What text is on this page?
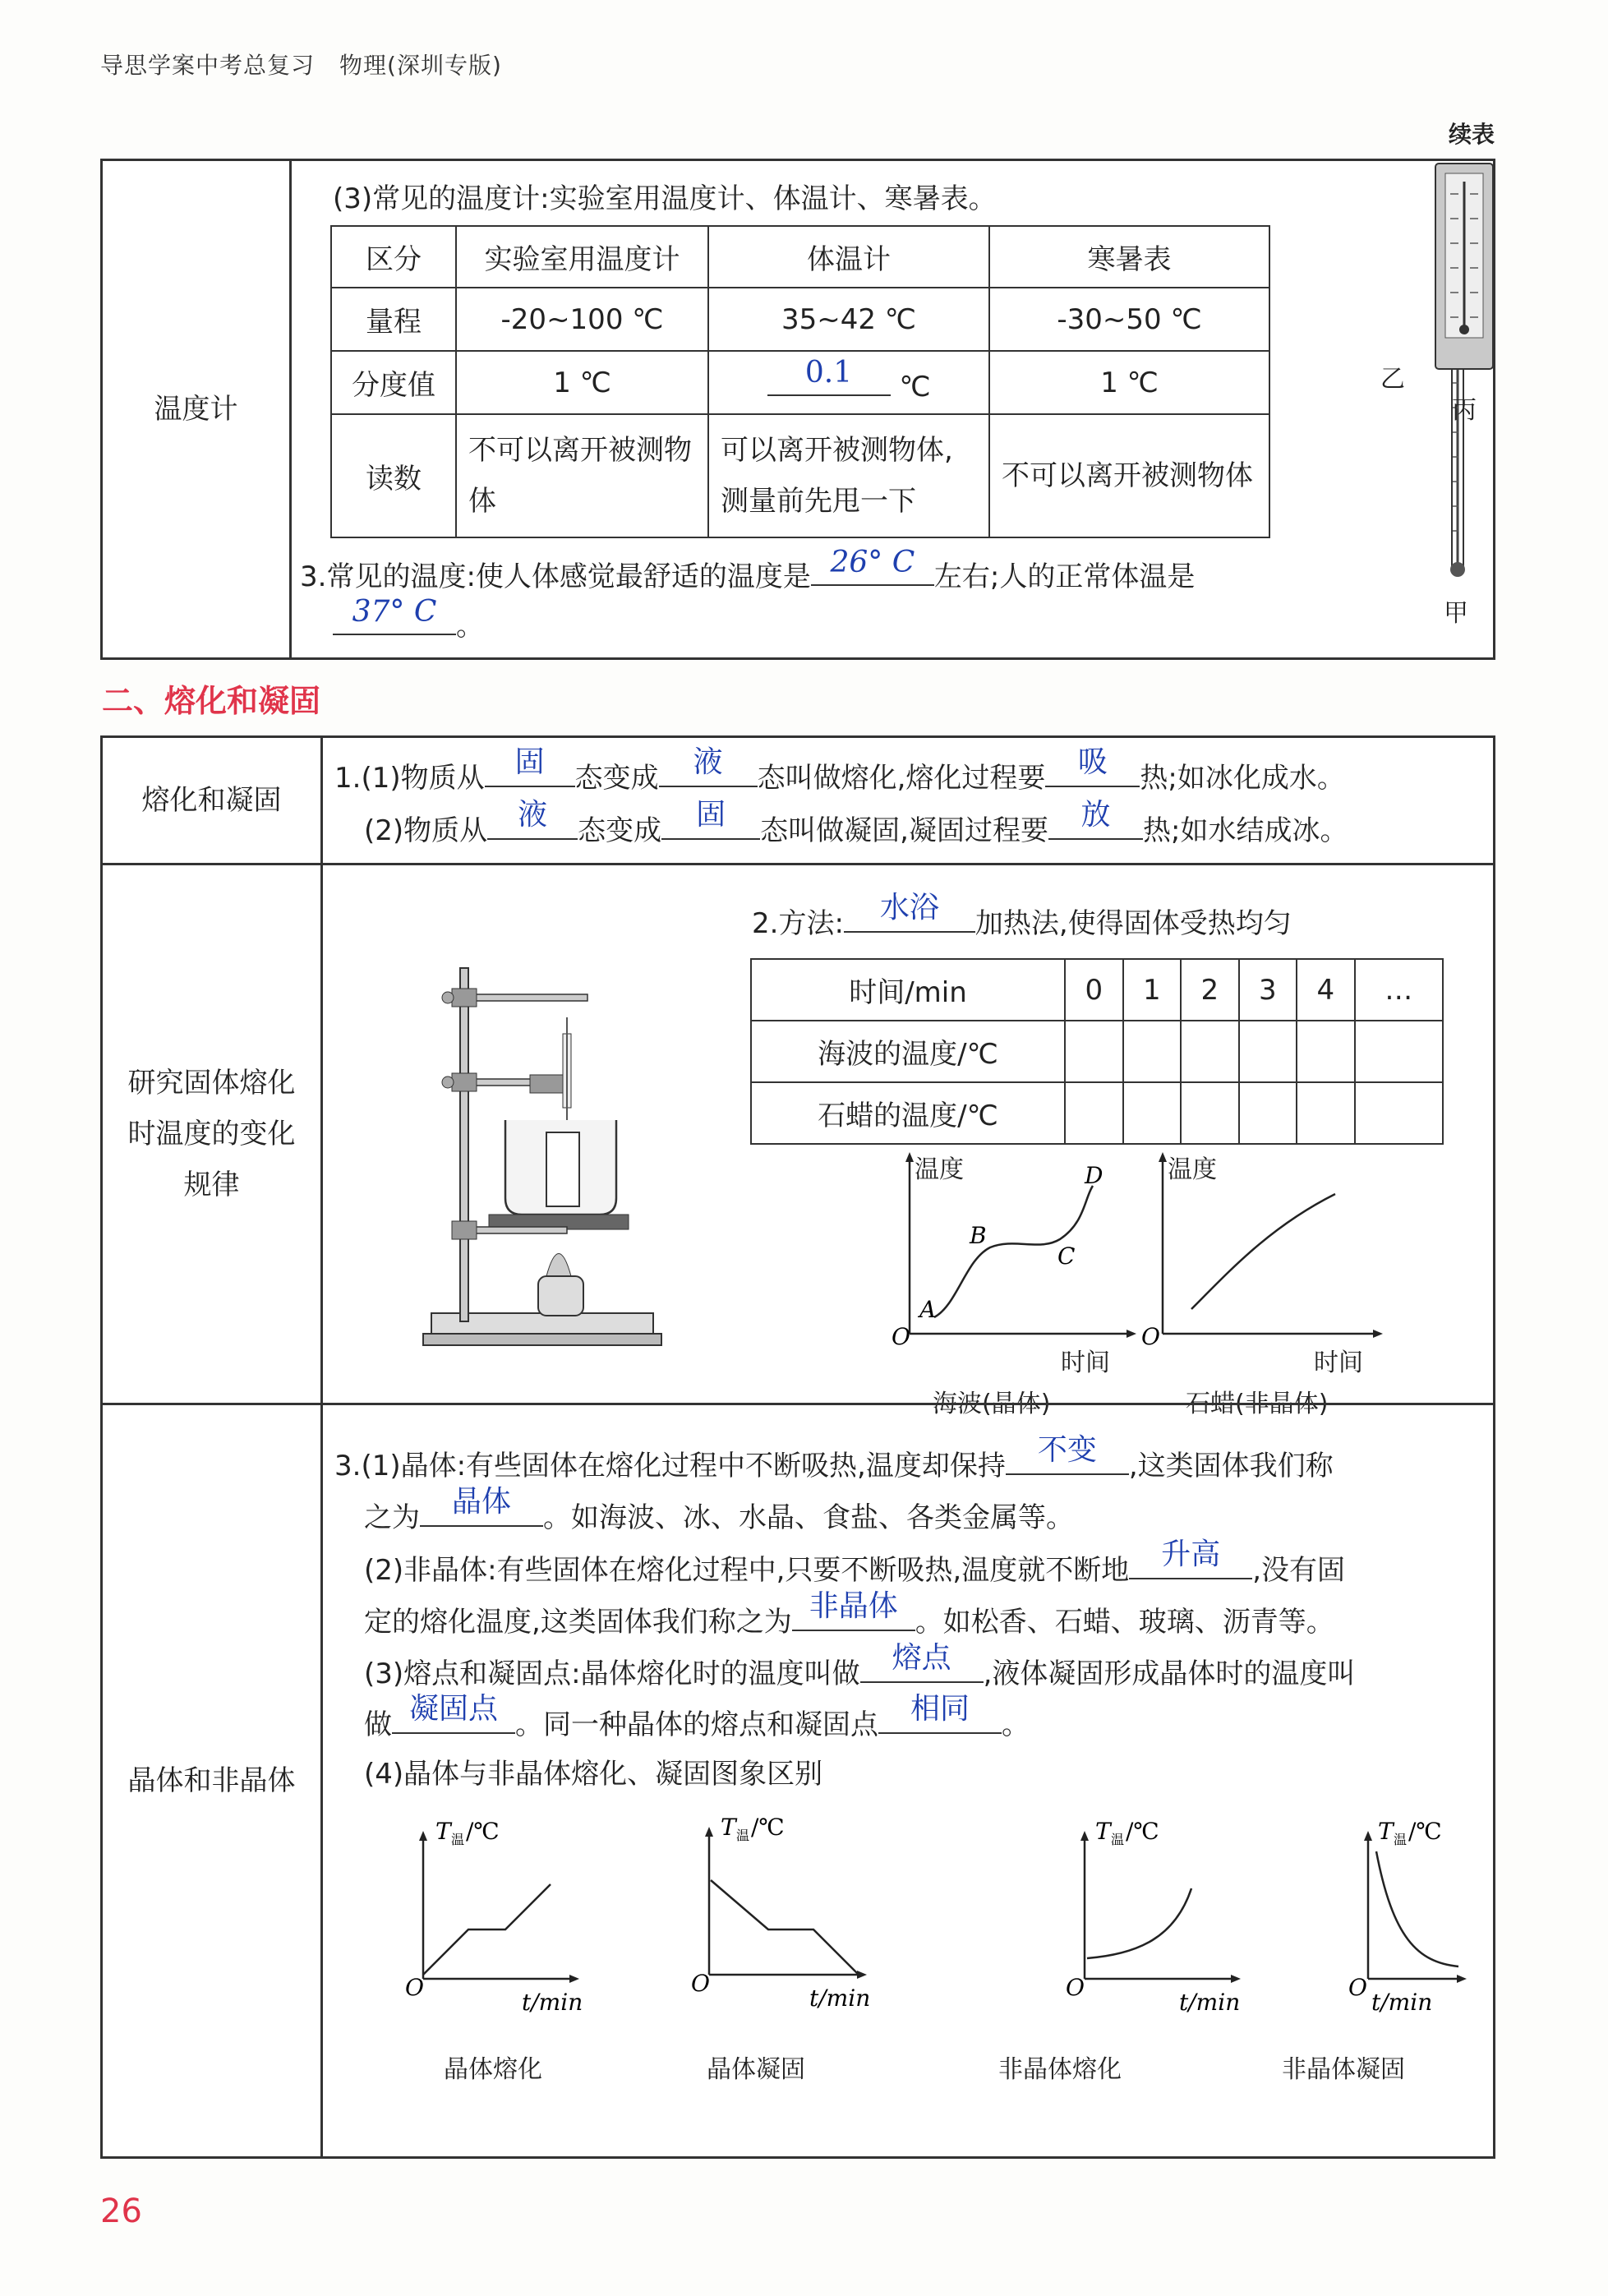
导思学案中考总复习 物理(深圳专版)
续表
温度计
(3)常见的温度计:实验室用温度计、体温计、寒暑表。
区分	实验室用温度计	体温计	寒暑表
量程	-20~100 ℃	35~42 ℃	-30~50 ℃
分度值	1 ℃	0.1 ℃	1 ℃
读数	不可以离开被测物体	可以离开被测物体,测量前先甩一下	不可以离开被测物体
乙
甲
丙
3.常见的温度:使人体感觉最舒适的温度是 26° C 左右;人的正常体温是
37° C 。
二、熔化和凝固
熔化和凝固
1.(1)物质从	固	态变成	液	态叫做熔化,熔化过程要	吸	热;如冰化成水。
(2)物质从	液	态变成	固	态叫做凝固,凝固过程要	放	热;如水结成冰。
研究固体熔化
时温度的变化
规律
2.方法:	水浴	加热法,使得固体受热均匀
时间/min	0	1	2	3	4	…
海波的温度/℃						
石蜡的温度/℃						
O
A
B
C
D
温度
时间
海波(晶体)
O
温度
时间
石蜡(非晶体)
晶体和非晶体
3.(1)晶体:有些固体在熔化过程中不断吸热,温度却保持	不变	,这类固体我们称
之为	晶体	。如海波、冰、水晶、食盐、各类金属等。
(2)非晶体:有些固体在熔化过程中,只要不断吸热,温度就不断地	升高	,没有固
定的熔化温度,这类固体我们称之为 非晶体 。如松香、石蜡、玻璃、沥青等。
(3)熔点和凝固点:晶体熔化时的温度叫做	熔点	,液体凝固形成晶体时的温度叫
做 凝固点 。同一种晶体的熔点和凝固点	相同	。
(4)晶体与非晶体熔化、凝固图象区别
T 温 /℃
O
t/min
T 温 /℃
O
t/min
T 温 /℃
O
t/min
T 温 /℃
O
t/min
晶体熔化	晶体凝固	非晶体熔化	非晶体凝固
26
